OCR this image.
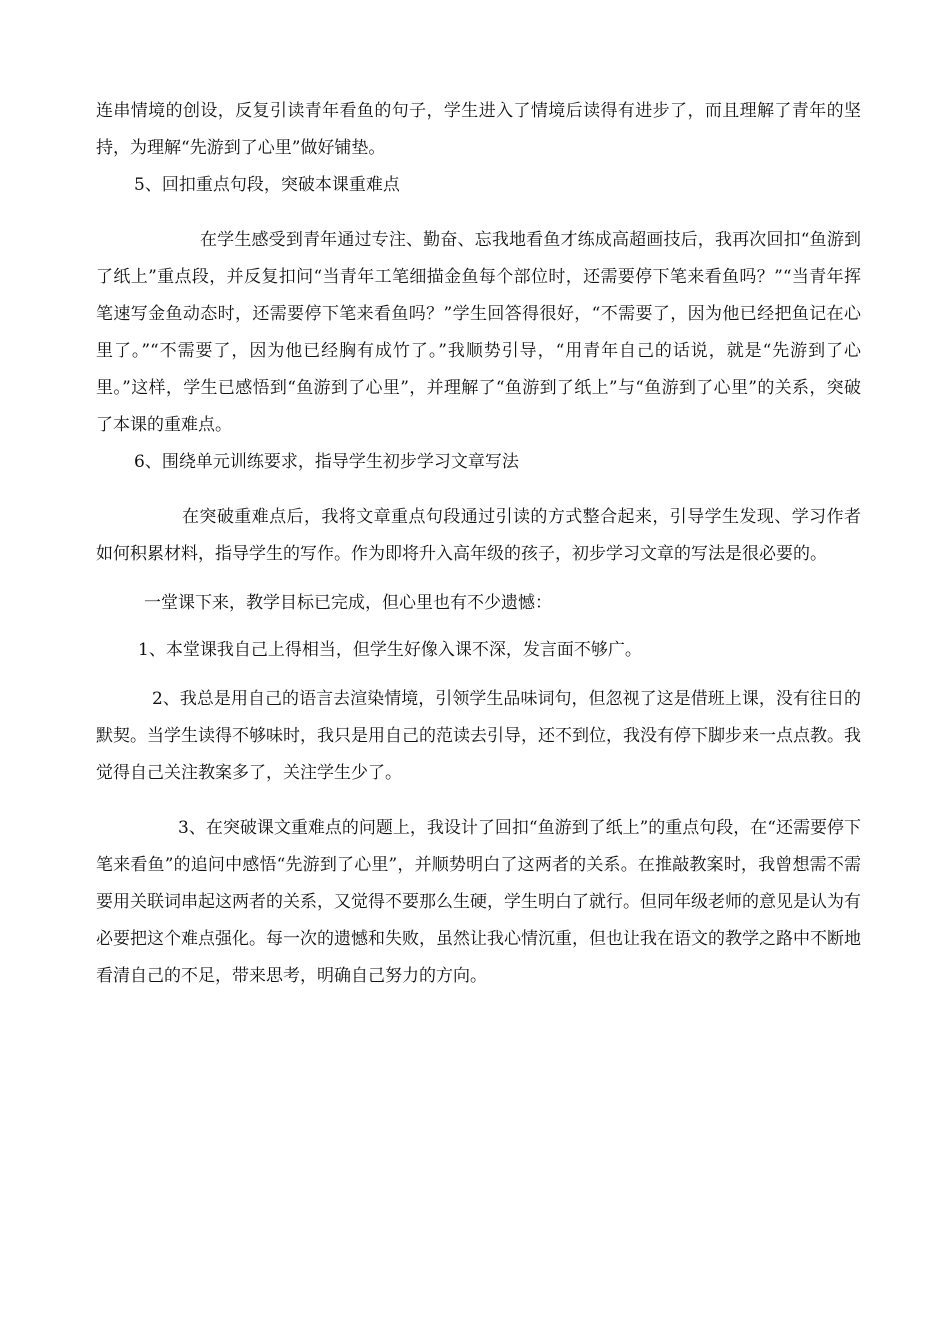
连串情境的创设，反复引读青年看鱼的句子，学生进入了情境后读得有进步了，而且理解了青年的坚持，为理解“先游到了心里”做好铺垫。

5、回扣重点句段，突破本课重难点

在学生感受到青年通过专注、勤奋、忘我地看鱼才练成高超画技后，我再次回扣“鱼游到了纸上”重点段，并反复扣问“当青年工笔细描金鱼每个部位时，还需要停下笔来看鱼吗？”“当青年挥笔速写金鱼动态时，还需要停下笔来看鱼吗？”学生回答得很好，“不需要了，因为他已经把鱼记在心里了。”“不需要了，因为他已经胸有成竹了。”我顺势引导，“用青年自己的话说，就是“先游到了心里。”这样，学生已感悟到“鱼游到了心里”，并理解了“鱼游到了纸上”与“鱼游到了心里”的关系，突破了本课的重难点。

6、围绕单元训练要求，指导学生初步学习文章写法

在突破重难点后，我将文章重点句段通过引读的方式整合起来，引导学生发现、学习作者如何积累材料，指导学生的写作。作为即将升入高年级的孩子，初步学习文章的写法是很必要的。

一堂课下来，教学目标已完成，但心里也有不少遗憾：

1、本堂课我自己上得相当，但学生好像入课不深，发言面不够广。

2、我总是用自己的语言去渲染情境，引领学生品味词句，但忽视了这是借班上课，没有往日的默契。当学生读得不够味时，我只是用自己的范读去引导，还不到位，我没有停下脚步来一点点教。我觉得自己关注教案多了，关注学生少了。

3、在突破课文重难点的问题上，我设计了回扣“鱼游到了纸上”的重点句段，在“还需要停下笔来看鱼”的追问中感悟“先游到了心里”，并顺势明白了这两者的关系。在推敲教案时，我曾想需不需要用关联词串起这两者的关系，又觉得不要那么生硬，学生明白了就行。但同年级老师的意见是认为有必要把这个难点强化。每一次的遗憾和失败，虽然让我心情沉重，但也让我在语文的教学之路中不断地看清自己的不足，带来思考，明确自己努力的方向。
